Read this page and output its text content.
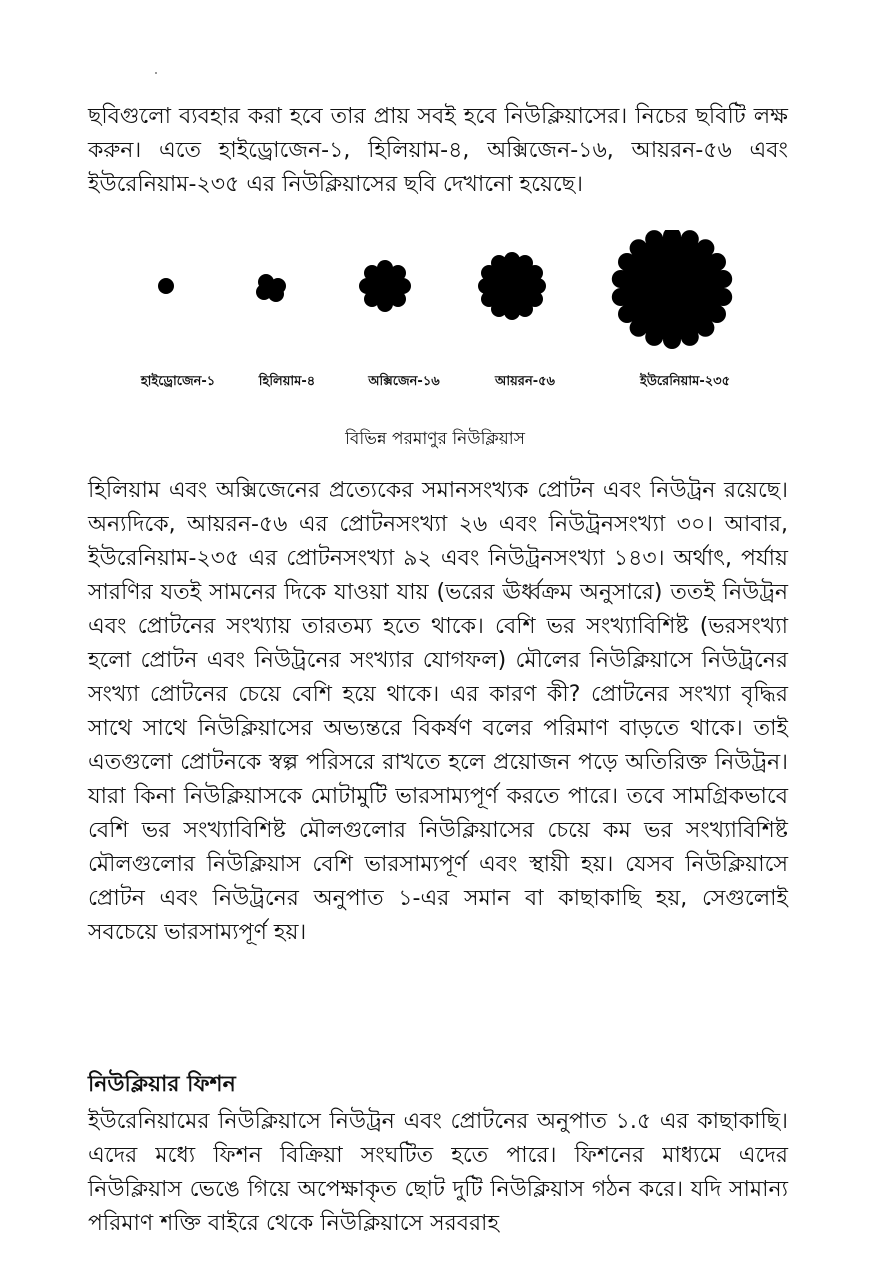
ছবিগুলো ব্যবহার করা হবে তার প্রায় সবই হবে নিউক্লিয়াসের। নিচের ছবিটি লক্ষ করুন। এতে হাইড্রোজেন-১, হিলিয়াম-৪, অক্সিজেন-১৬, আয়রন-৫৬ এবং ইউরেনিয়াম-২৩৫ এর নিউক্লিয়াসের ছবি দেখানো হয়েছে।

হাইড্রোজেন-১	হিলিয়াম-৪	অক্সিজেন-১৬	আয়রন-৫৬	ইউরেনিয়াম-২৩৫
বিভিন্ন পরমাণুর নিউক্লিয়াস

হিলিয়াম এবং অক্সিজেনের প্রত্যেকের সমানসংখ্যক প্রোটন এবং নিউট্রন রয়েছে। অন্যদিকে, আয়রন-৫৬ এর প্রোটনসংখ্যা ২৬ এবং নিউট্রনসংখ্যা ৩০। আবার, ইউরেনিয়াম-২৩৫ এর প্রোটনসংখ্যা ৯২ এবং নিউট্রনসংখ্যা ১৪৩। অর্থাৎ, পর্যায় সারণির যতই সামনের দিকে যাওয়া যায় (ভরের ঊর্ধ্বক্রম অনুসারে) ততই নিউট্রন এবং প্রোটনের সংখ্যায় তারতম্য হতে থাকে। বেশি ভর সংখ্যাবিশিষ্ট (ভরসংখ্যা হলো প্রোটন এবং নিউট্রনের সংখ্যার যোগফল) মৌলের নিউক্লিয়াসে নিউট্রনের সংখ্যা প্রোটনের চেয়ে বেশি হয়ে থাকে। এর কারণ কী? প্রোটনের সংখ্যা বৃদ্ধির সাথে সাথে নিউক্লিয়াসের অভ্যন্তরে বিকর্ষণ বলের পরিমাণ বাড়তে থাকে। তাই এতগুলো প্রোটনকে স্বল্প পরিসরে রাখতে হলে প্রয়োজন পড়ে অতিরিক্ত নিউট্রন। যারা কিনা নিউক্লিয়াসকে মোটামুটি ভারসাম্যপূর্ণ করতে পারে। তবে সামগ্রিকভাবে বেশি ভর সংখ্যাবিশিষ্ট মৌলগুলোর নিউক্লিয়াসের চেয়ে কম ভর সংখ্যাবিশিষ্ট মৌলগুলোর নিউক্লিয়াস বেশি ভারসাম্যপূর্ণ এবং স্থায়ী হয়। যেসব নিউক্লিয়াসে প্রোটন এবং নিউট্রনের অনুপাত ১-এর সমান বা কাছাকাছি হয়, সেগুলোই সবচেয়ে ভারসাম্যপূর্ণ হয়।

নিউক্লিয়ার ফিশন

ইউরেনিয়ামের নিউক্লিয়াসে নিউট্রন এবং প্রোটনের অনুপাত ১.৫ এর কাছাকাছি। এদের মধ্যে ফিশন বিক্রিয়া সংঘটিত হতে পারে। ফিশনের মাধ্যমে এদের নিউক্লিয়াস ভেঙে গিয়ে অপেক্ষাকৃত ছোট দুটি নিউক্লিয়াস গঠন করে। যদি সামান্য পরিমাণ শক্তি বাইরে থেকে নিউক্লিয়াসে সরবরাহ
